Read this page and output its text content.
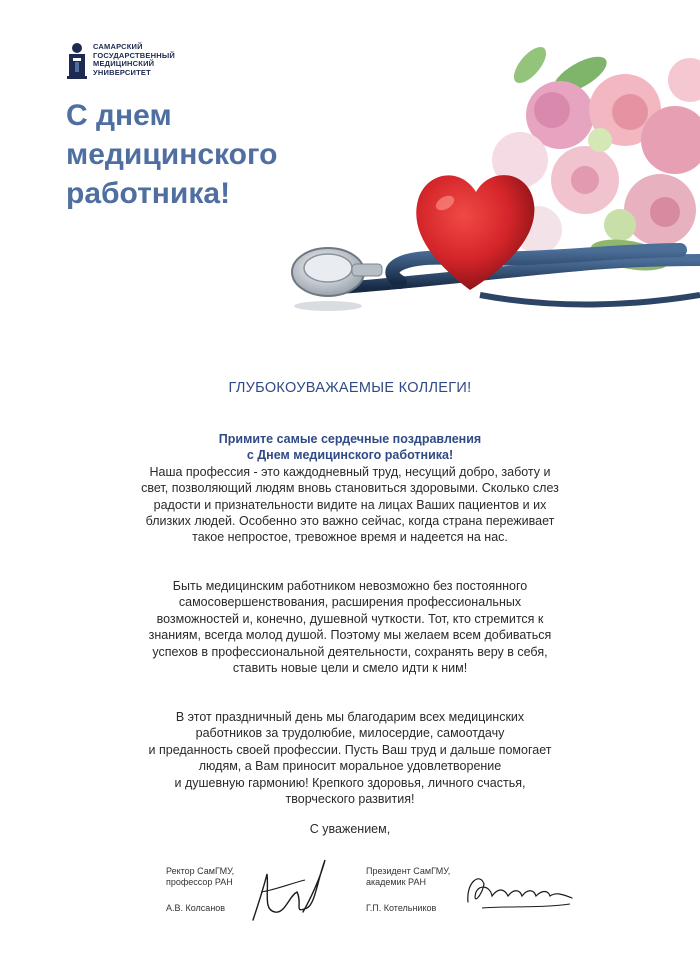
САМАРСКИЙ
ГОСУДАРСТВЕННЫЙ
МЕДИЦИНСКИЙ
УНИВЕРСИТЕТ
С днем
медицинского
работника!
ГЛУБОКОУВАЖАЕМЫЕ КОЛЛЕГИ!
Примите самые сердечные поздравления
с Днем медицинского работника!
Наша профессия - это каждодневный труд, несущий добро, заботу и
свет, позволяющий людям вновь становиться здоровыми. Сколько слез
радости и признательности видите на лицах Ваших пациентов и их
близких людей. Особенно это важно сейчас, когда страна переживает
такое непростое, тревожное время и надеется на нас.
Быть медицинским работником невозможно без постоянного
самосовершенствования, расширения профессиональных
возможностей и, конечно, душевной чуткости. Тот, кто стремится к
знаниям, всегда молод душой. Поэтому мы желаем всем добиваться
успехов в профессиональной деятельности, сохранять веру в себя,
ставить новые цели и смело идти к ним!
В этот праздничный день мы благодарим всех медицинских
работников за трудолюбие, милосердие, самоотдачу
и преданность своей профессии. Пусть Ваш труд и дальше помогает
людям, а Вам приносит моральное удовлетворение
и душевную гармонию! Крепкого здоровья, личного счастья,
творческого развития!
С уважением,
Ректор СамГМУ,
профессор РАН
А.В. Колсанов
Президент СамГМУ,
академик РАН
Г.П. Котельников
